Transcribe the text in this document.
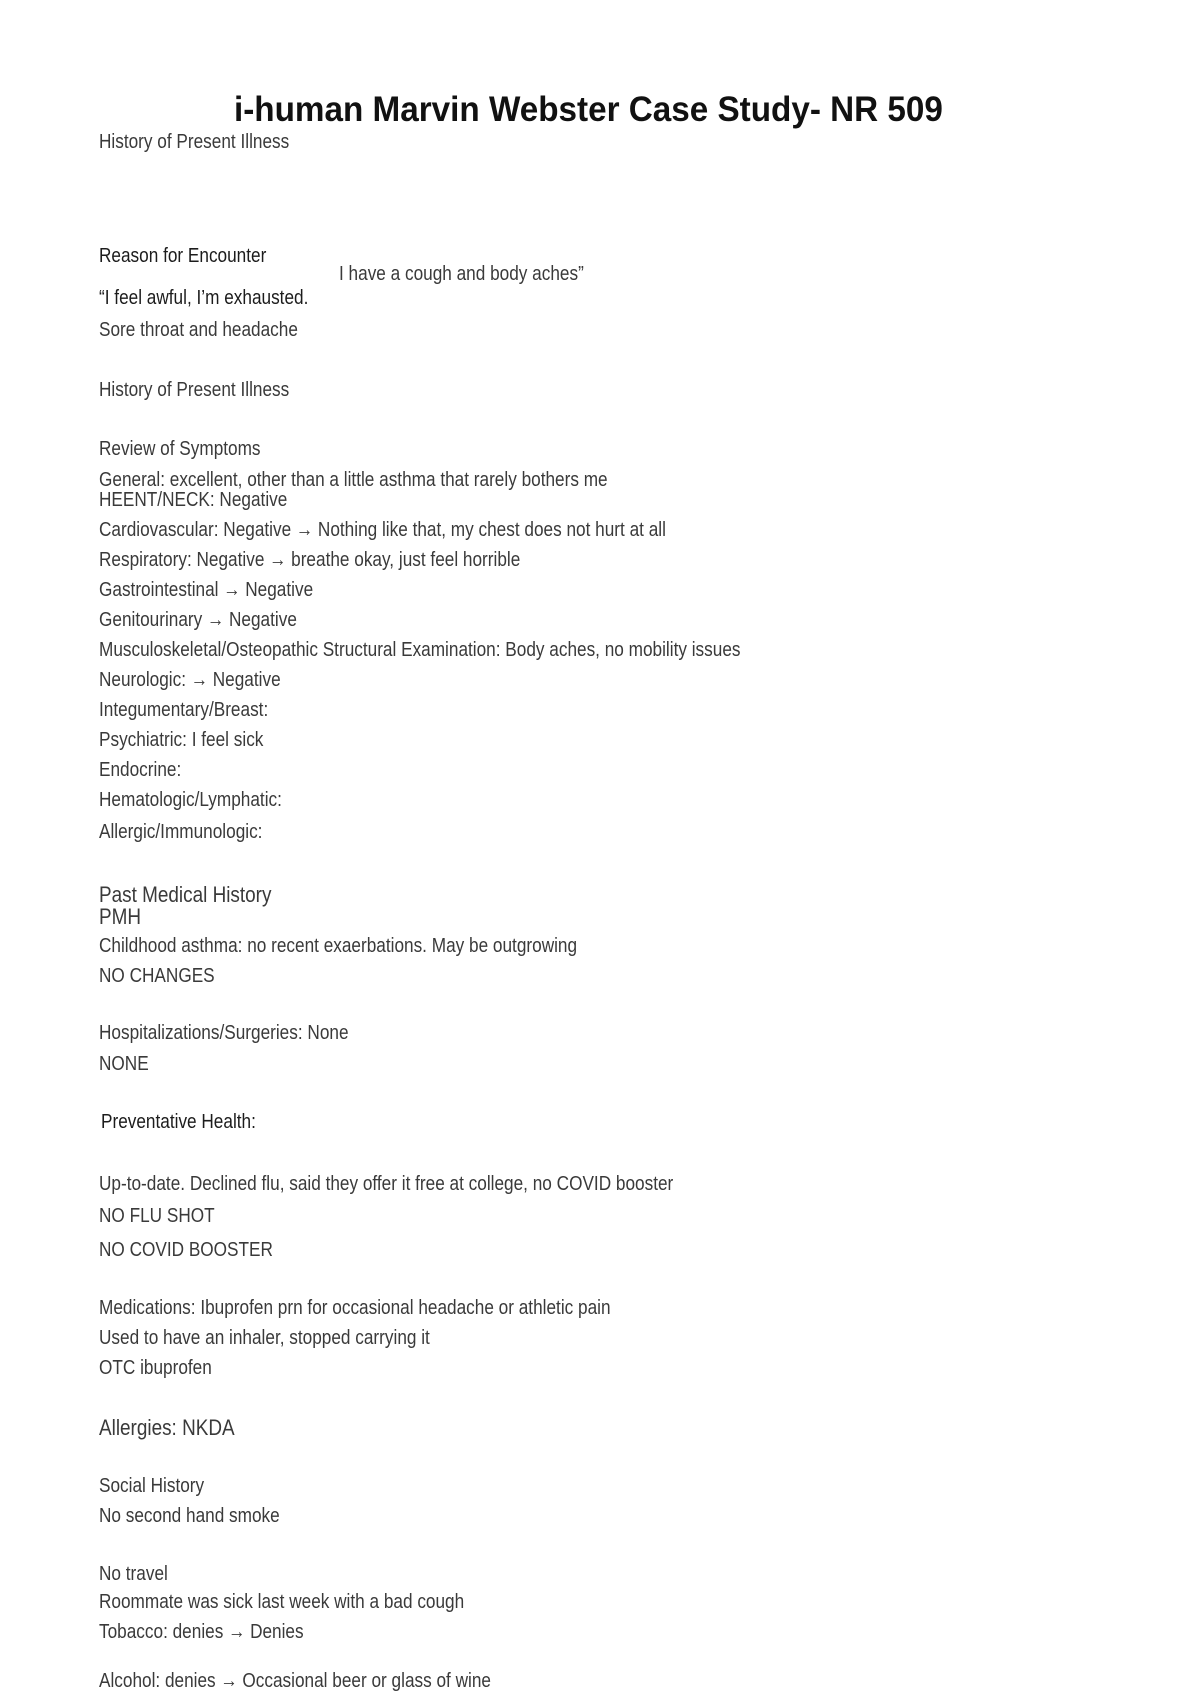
i-human Marvin Webster Case Study- NR 509

History of Present Illness

Reason for Encounter

I have a cough and body aches”

“I feel awful, I’m exhausted.

Sore throat and headache

History of Present Illness

Review of Symptoms

General: excellent, other than a little asthma that rarely bothers me

HEENT/NECK: Negative

Cardiovascular: Negative → Nothing like that, my chest does not hurt at all

Respiratory: Negative → breathe okay, just feel horrible

Gastrointestinal → Negative

Genitourinary → Negative

Musculoskeletal/Osteopathic Structural Examination: Body aches, no mobility issues

Neurologic: → Negative

Integumentary/Breast:

Psychiatric: I feel sick

Endocrine:

Hematologic/Lymphatic:

Allergic/Immunologic:

Past Medical History

PMH

Childhood asthma: no recent exaerbations. May be outgrowing

NO CHANGES

Hospitalizations/Surgeries: None

NONE

Preventative Health:

Up-to-date. Declined flu, said they offer it free at college, no COVID booster

NO FLU SHOT

NO COVID BOOSTER

Medications: Ibuprofen prn for occasional headache or athletic pain

Used to have an inhaler, stopped carrying it

OTC ibuprofen

Allergies: NKDA

Social History

No second hand smoke

No travel

Roommate was sick last week with a bad cough

Tobacco: denies → Denies

Alcohol: denies → Occasional beer or glass of wine
